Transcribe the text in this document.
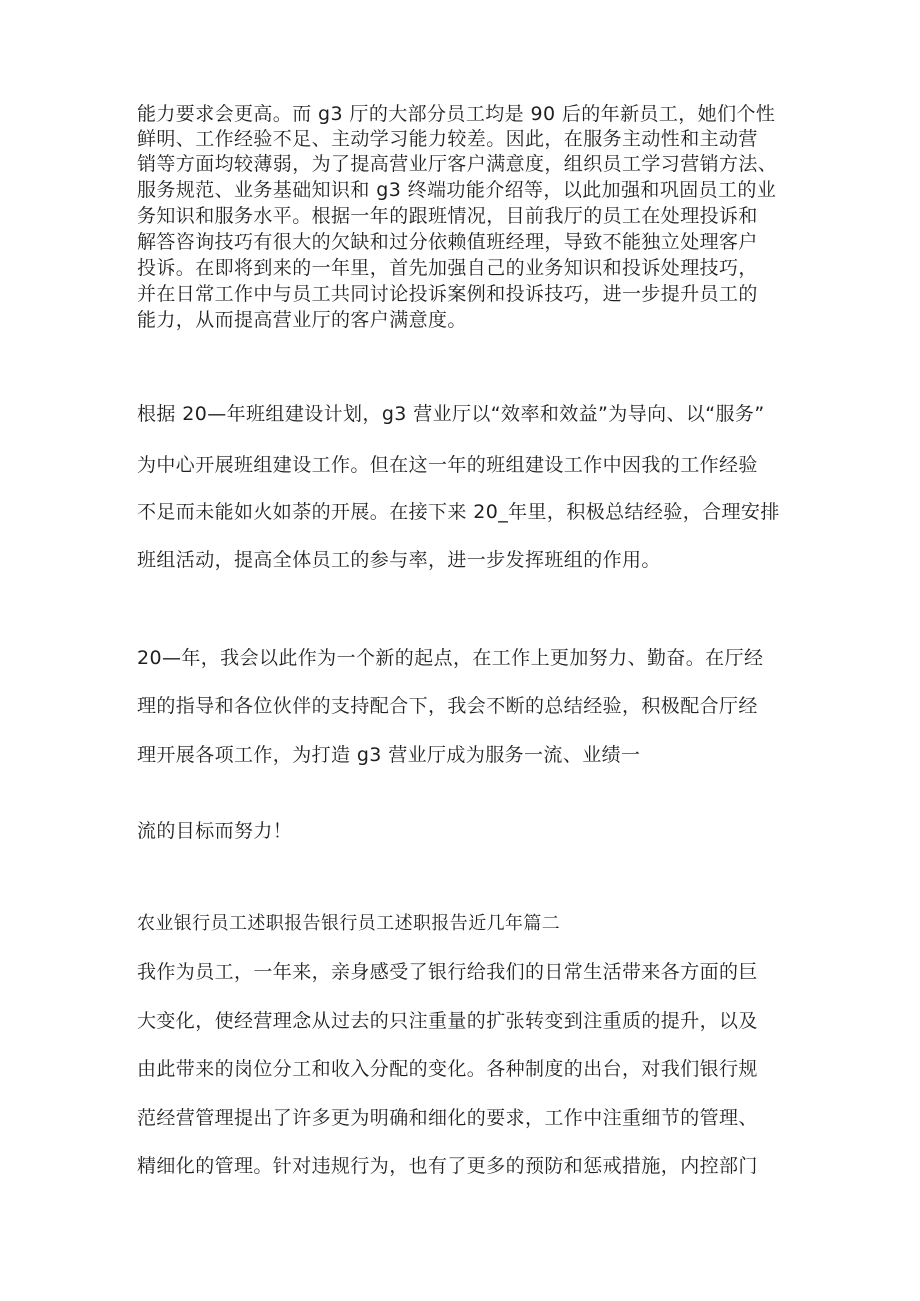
能力要求会更高。而 g3 厅的大部分员工均是 90 后的年新员工，她们个性
鲜明、工作经验不足、主动学习能力较差。因此，在服务主动性和主动营
销等方面均较薄弱，为了提高营业厅客户满意度，组织员工学习营销方法、
服务规范、业务基础知识和 g3 终端功能介绍等，以此加强和巩固员工的业
务知识和服务水平。根据一年的跟班情况，目前我厅的员工在处理投诉和
解答咨询技巧有很大的欠缺和过分依赖值班经理，导致不能独立处理客户
投诉。在即将到来的一年里，首先加强自己的业务知识和投诉处理技巧，
并在日常工作中与员工共同讨论投诉案例和投诉技巧，进一步提升员工的
能力，从而提高营业厅的客户满意度。
根据 20—年班组建设计划，g3 营业厅以“效率和效益”为导向、以“服务”
为中心开展班组建设工作。但在这一年的班组建设工作中因我的工作经验
不足而未能如火如荼的开展。在接下来 20_年里，积极总结经验，合理安排
班组活动，提高全体员工的参与率，进一步发挥班组的作用。
20—年，我会以此作为一个新的起点，在工作上更加努力、勤奋。在厅经
理的指导和各位伙伴的支持配合下，我会不断的总结经验，积极配合厅经
理开展各项工作，为打造 g3 营业厅成为服务一流、业绩一
流的目标而努力！
农业银行员工述职报告银行员工述职报告近几年篇二
我作为员工，一年来，亲身感受了银行给我们的日常生活带来各方面的巨
大变化，使经营理念从过去的只注重量的扩张转变到注重质的提升，以及
由此带来的岗位分工和收入分配的变化。各种制度的出台，对我们银行规
范经营管理提出了许多更为明确和细化的要求，工作中注重细节的管理、
精细化的管理。针对违规行为，也有了更多的预防和惩戒措施，内控部门
